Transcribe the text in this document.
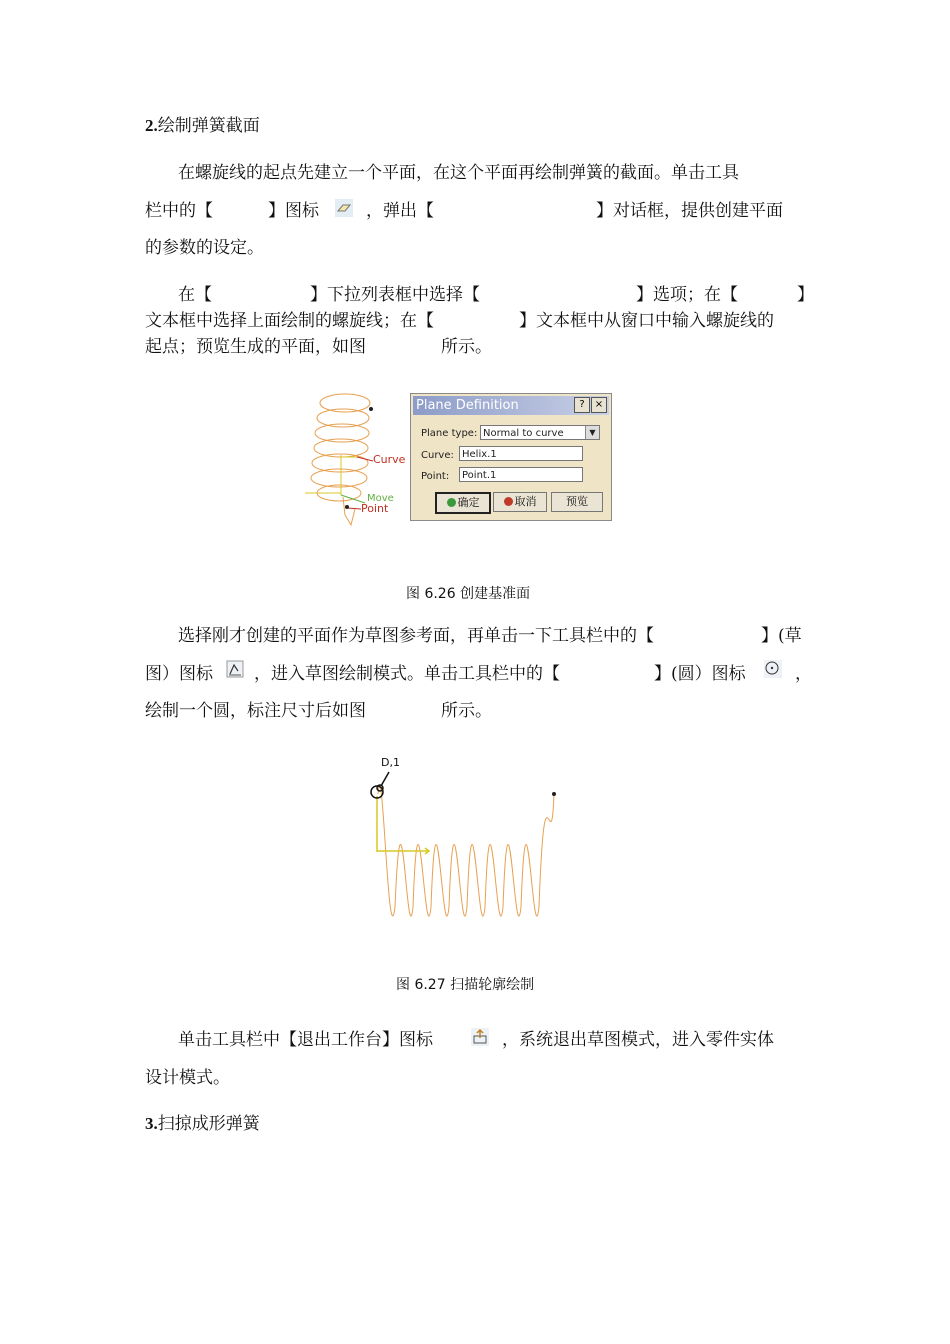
2.绘制弹簧截面
在螺旋线的起点先建立一个平面，在这个平面再绘制弹簧的截面。单击工具
栏中的【	】图标	，弹出【	】对话框，提供创建平面
的参数的设定。
在【	】下拉列表框中选择【	】选项；在【	】
文本框中选择上面绘制的螺旋线；在【	】文本框中从窗口中输入螺旋线的
起点；预览生成的平面，如图	所示。
Curve
Move
Point
Plane Definition	?	×
Plane type: Normal to curve	▼
Curve: Helix.1
Point:	Point.1
确定	取消	预览
图 6.26 创建基准面
选择刚才创建的平面作为草图参考面，再单击一下工具栏中的【	】(草
图）图标 ，进入草图绘制模式。单击工具栏中的【	】(圆）图标	，
绘制一个圆，标注尺寸后如图	所示。
D,1
图 6.27 扫描轮廓绘制
单击工具栏中【退出工作台】图标	，系统退出草图模式，进入零件实体
设计模式。
3.扫掠成形弹簧
